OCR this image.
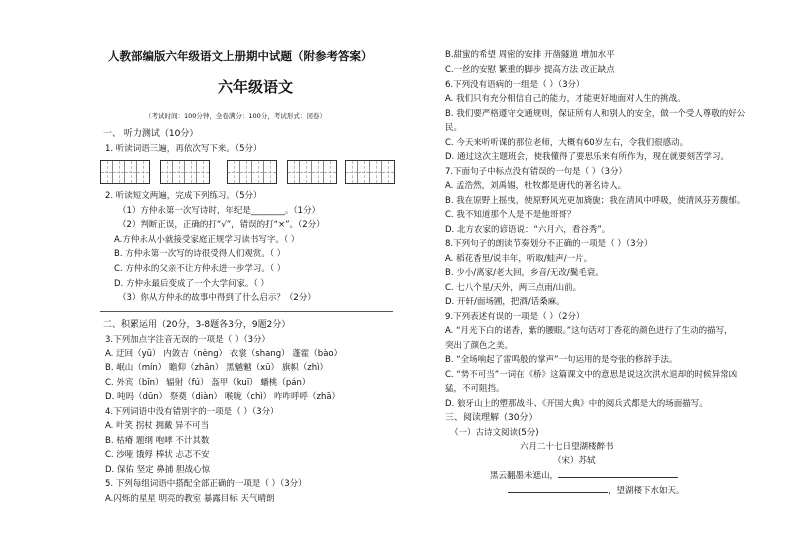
人教部编版六年级语文上册期中试题（附参考答案）
六年级语文
（考试时间：100分钟，全卷满分：100分，考试形式：闭卷）
一、 听力测试（10分）
1. 听读词语三遍，再依次写下来。（5分）
2. 听读短文两遍，完成下列练习。（5分）
（1）方仲永第一次写诗时，年纪是________。（1分）
（2）判断正误，正确的打“√”，错误的打“×”。（2分）
A.方仲永从小就接受家庭正规学习读书写字。（ ）
B. 方仲永第一次写的诗很受得人们观赏。（ ）
C. 方仲永的父亲不让方仲永进一步学习。（ ）
D. 方仲永最后变成了一个大学问家。（ ）
（3）你从方仲永的故事中得到了什么启示？（2分）
二、积累运用（20分，3-8题各3分，9题2分）
3.下列加点字注音无误的一项是（ ）（3分）
A. 迂回（yū） 内敛吉（nèng） 衣裳（shang） 蓬霍（bào）
B. 岷山（mín） 瞻仰（zhān） 黑魆魆（xū） 旗帜（zhì）
C. 外宾（bīn） 辐射（fú） 盔甲（kuī） 蟠桃（pán）
D. 吨吗（dūn） 祭奠（diàn） 喉咙（chì） 咋咋呼呼（zhā）
4.下列词语中没有错别字的一项是（ ）（3分）
A. 叶笑 拐杖 拥戴 异不可当
B. 枯瘠 题纲 咆哮 不计其数
C. 沙哑 饿殍 棒状 忐忑不安
D. 保佑 坚定 鼻捕 胆战心惊
5. 下列每组词语中搭配全部正确的一项是（ ）（3分）
A.闪烁的星星 明亮的教室 暴露目标 天气晴朗
B.甜蜜的希望 周密的安排 开凿隧道 增加水平
C.一丝的安慰 繁重的脚步 提高方法 改正缺点
6.下列没有语病的一组是（ ）（3分）
A. 我们只有充分相信自己的能力，才能更好地面对人生的挑战。
B. 我们要严格遵守交通规则，保证所有人和别人的安全，做一个受人尊敬的好公
民。
C. 今天来听听课的那位老师，大概有60岁左右，令我们很感动。
D. 通过这次主题班会，使我懂得了要思乐来有所作为，现在就要刻苦学习。
7.下面句子中标点没有错误的一句是（ ）（3分）
A. 孟浩然，刘禹锡，杜牧都是唐代的著名诗人。
B. 我在原野上摇曳，使原野风光更加旖旎；我在清风中呼吸，使清风芬芳馥郁。
C. 我不知道那个人是不是他哥哥？
D. 北方农家的谚语说：“六月六，看谷秀”。
8.下列句子的朗读节奏划分不正确的一项是（ ）（3分）
A. 稻花香里/说丰年，听取/蛙声/一片。
B. 少小/离家/老大回，乡音/无改/鬓毛衰。
C. 七八个星/天外，两三点雨/山前。
D. 开轩/面场圃，把酒/话桑麻。
9.下列表述有误的一项是（ ）（2分）
A. “月光下白的诺香，紫的腰眼。”这句话对丁香花的颜色进行了生动的描写，
突出了颜色之美。
B. “全场响起了雷鸣般的掌声”一句运用的是夸张的修辞手法。
C. “势不可当”一词在《桥》这篇课文中的意思是说这次洪水退却的时候异常凶
猛，不可阻挡。
D. 狼牙山上的塑那战斗、《开国大典》中的阅兵式都是大的场面描写。
三、阅读理解（30分）
（一）古诗文阅读(5分)
六月二十七日望湖楼醉书
（宋）苏轼
黑云翻墨未遮山，
，望湖楼下水如天。
